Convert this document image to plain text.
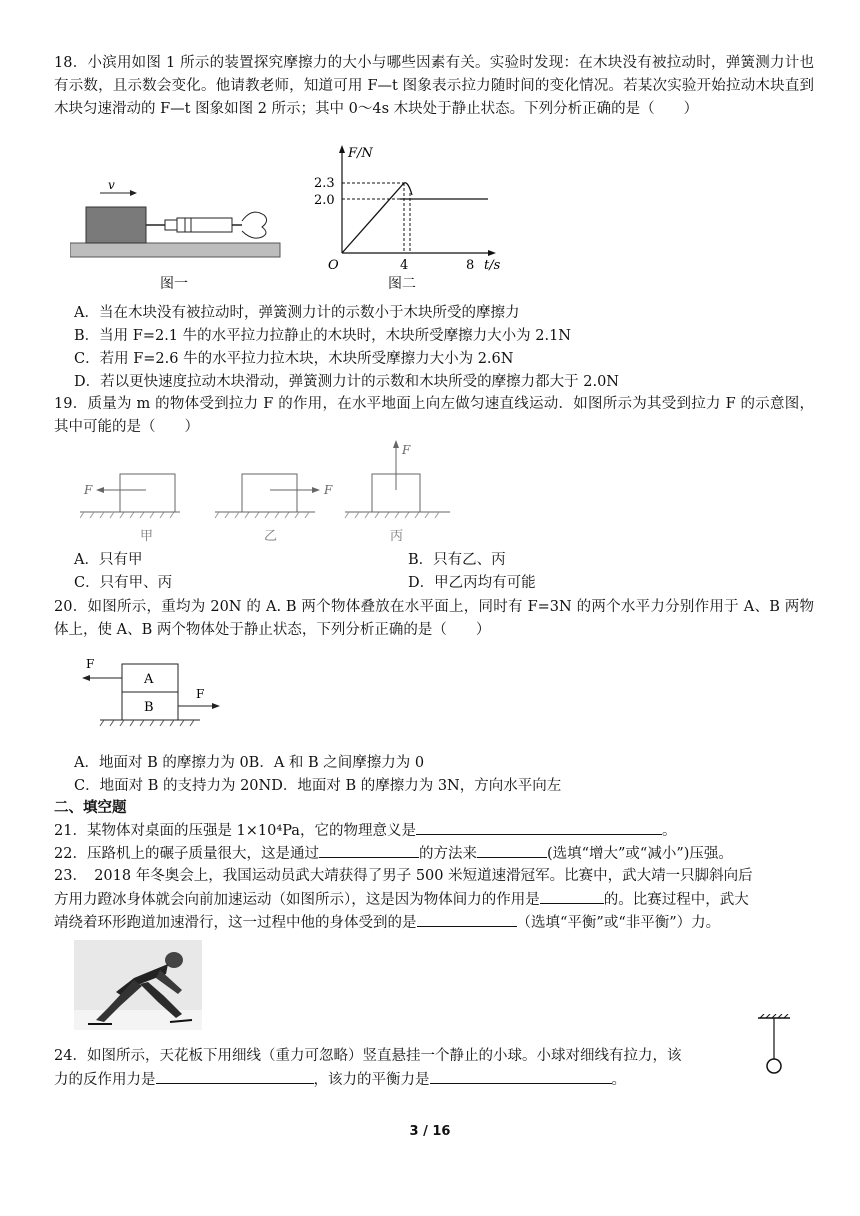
18．小滨用如图 1 所示的装置探究摩擦力的大小与哪些因素有关。实验时发现：在木块没有被拉动时，弹簧测力计也有示数，且示数会变化。他请教老师，知道可用 F—t 图象表示拉力随时间的变化情况。若某次实验开始拉动木块直到木块匀速滑动的 F—t 图象如图 2 所示；其中 0～4s 木块处于静止状态。下列分析正确的是（　　）
v
图一
F/N
2.3
2.0
O	4	8 t/s
图二
A．当在木块没有被拉动时，弹簧测力计的示数小于木块所受的摩擦力
B．当用 F=2.1 牛的水平拉力拉静止的木块时，木块所受摩擦力大小为 2.1N
C．若用 F=2.6 牛的水平拉力拉木块，木块所受摩擦力大小为 2.6N
D．若以更快速度拉动木块滑动，弹簧测力计的示数和木块所受的摩擦力都大于 2.0N
19．质量为 m 的物体受到拉力 F 的作用，在水平地面上向左做匀速直线运动．如图所示为其受到拉力 F 的示意图，其中可能的是（　　）
F	F
F
甲	乙	丙
A．只有甲	B．只有乙、丙
C．只有甲、丙	D．甲乙丙均有可能
20．如图所示，重均为 20N 的 A. B 两个物体叠放在水平面上，同时有 F=3N 的两个水平力分别作用于 A、B 两物体上，使 A、B 两个物体处于静止状态，下列分析正确的是（　　）
F
F
A
B
A．地面对 B 的摩擦力为 0B．A 和 B 之间摩擦力为 0
C．地面对 B 的支持力为 20ND．地面对 B 的摩擦力为 3N，方向水平向左
二、填空题
21．某物体对桌面的压强是 1×10⁴Pa，它的物理意义是	。
22．压路机上的碾子质量很大，这是通过	的方法来	(选填“增大”或“减小”)压强。
23．　2018 年冬奥会上，我国运动员武大靖获得了男子 500 米短道速滑冠军。比赛中，武大靖一只脚斜向后
方用力蹬冰身体就会向前加速运动（如图所示），这是因为物体间力的作用是	的。比赛过程中，武大
靖绕着环形跑道加速滑行，这一过程中他的身体受到的是	（选填“平衡”或“非平衡”）力。
24．如图所示，天花板下用细线（重力可忽略）竖直悬挂一个静止的小球。小球对细线有拉力，该
力的反作用力是	，该力的平衡力是	。
3 / 16
